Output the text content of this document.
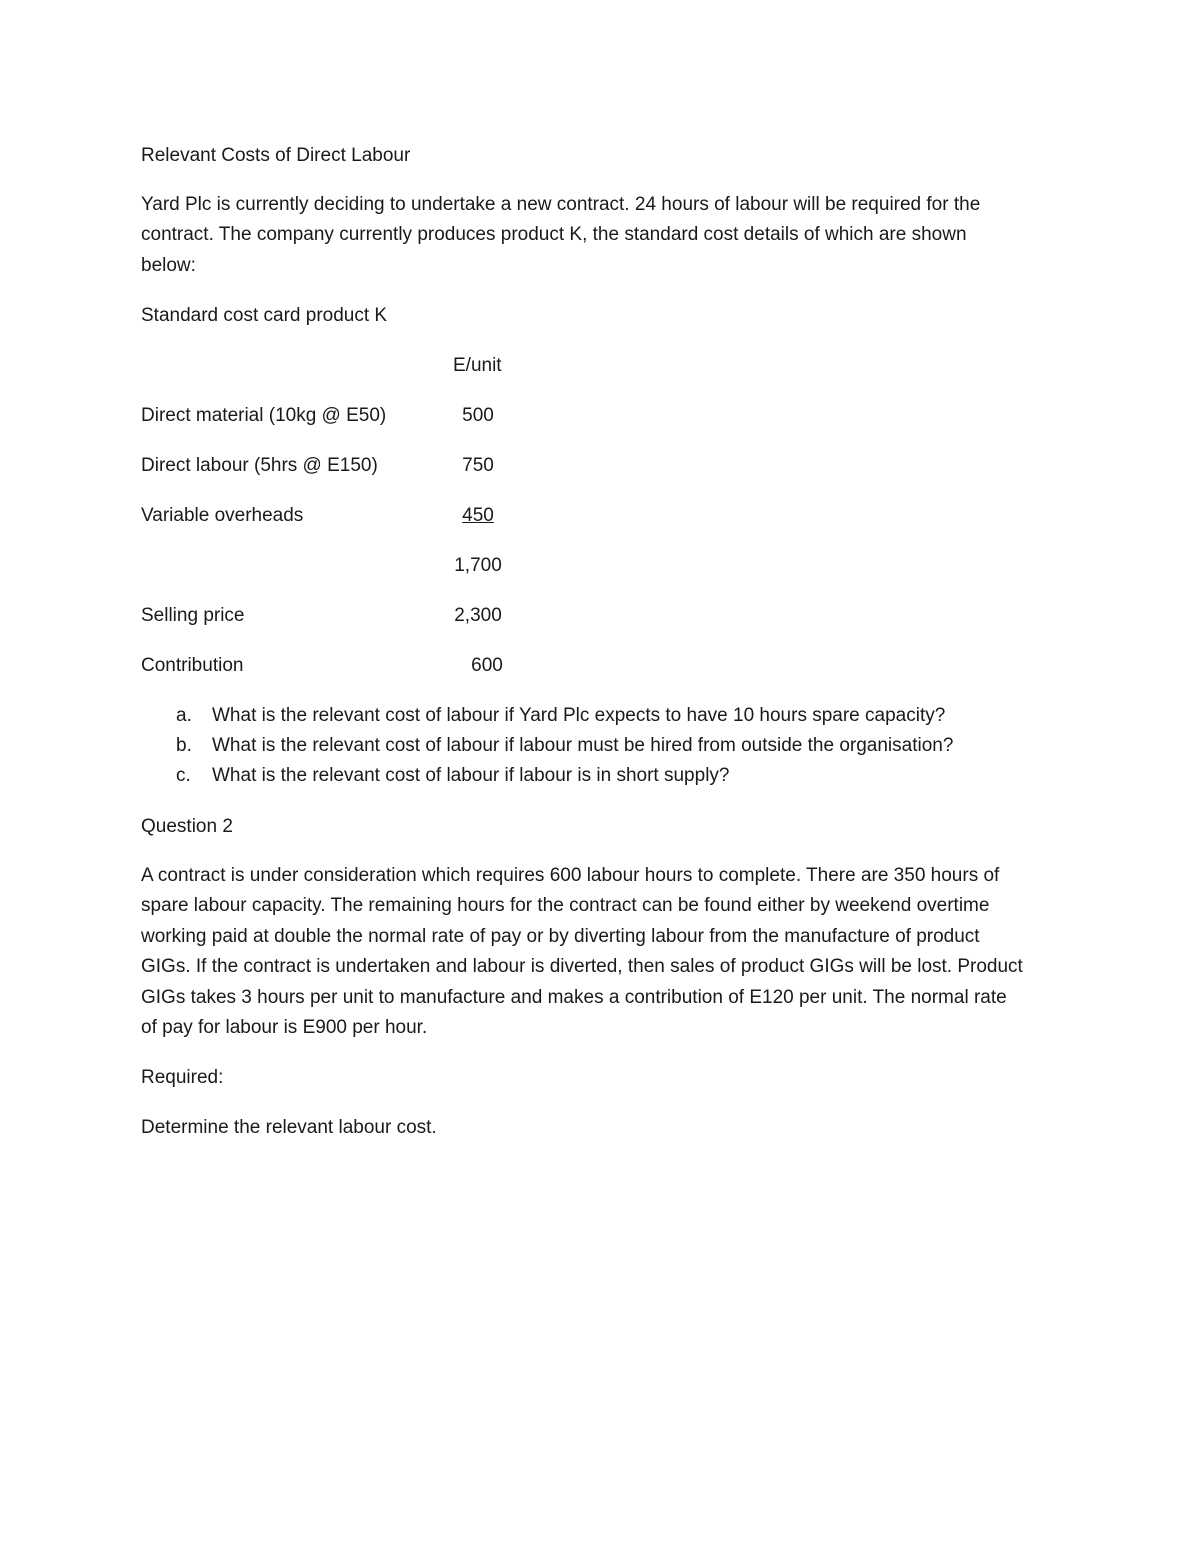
Relevant Costs of Direct Labour
Yard Plc is currently deciding to undertake a new contract. 24 hours of labour will be required for the
contract. The company currently produces product K, the standard cost details of which are shown
below:
Standard cost card product K
E/unit
Direct material (10kg @ E50)	500
Direct labour (5hrs @ E150)	750
Variable overheads	450
1,700
Selling price	2,300
Contribution	600
a. What is the relevant cost of labour if Yard Plc expects to have 10 hours spare capacity?
b. What is the relevant cost of labour if labour must be hired from outside the organisation?
c. What is the relevant cost of labour if labour is in short supply?
Question 2
A contract is under consideration which requires 600 labour hours to complete. There are 350 hours of
spare labour capacity. The remaining hours for the contract can be found either by weekend overtime
working paid at double the normal rate of pay or by diverting labour from the manufacture of product
GIGs. If the contract is undertaken and labour is diverted, then sales of product GIGs will be lost. Product
GIGs takes 3 hours per unit to manufacture and makes a contribution of E120 per unit. The normal rate
of pay for labour is E900 per hour.
Required:
Determine the relevant labour cost.
